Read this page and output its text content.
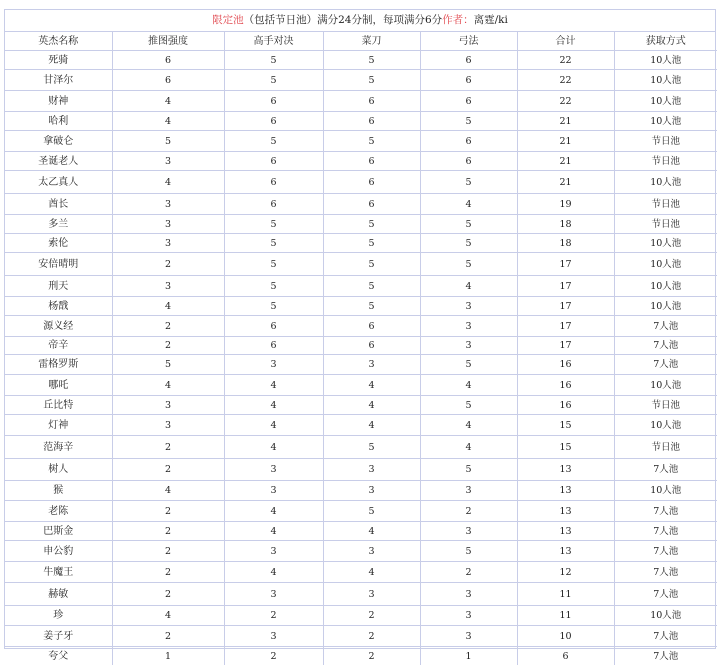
限定池（包括节日池）满分24分制，每项满分6分作者：离霆/ki
英杰名称	推图强度	高手对决	菜刀	弓法	合计	获取方式
死骑	6	5	5	6	22	10人池
甘泽尔	6	5	5	6	22	10人池
财神	4	6	6	6	22	10人池
哈利	4	6	6	5	21	10人池
拿破仑	5	5	5	6	21	节日池
圣诞老人	3	6	6	6	21	节日池
太乙真人	4	6	6	5	21	10人池
酋长	3	6	6	4	19	节日池
多兰	3	5	5	5	18	节日池
索伦	3	5	5	5	18	10人池
安倍晴明	2	5	5	5	17	10人池
刑天	3	5	5	4	17	10人池
杨戬	4	5	5	3	17	10人池
源义经	2	6	6	3	17	7人池
帝辛	2	6	6	3	17	7人池
雷格罗斯	5	3	3	5	16	7人池
哪吒	4	4	4	4	16	10人池
丘比特	3	4	4	5	16	节日池
灯神	3	4	4	4	15	10人池
范海辛	2	4	5	4	15	节日池
树人	2	3	3	5	13	7人池
猴	4	3	3	3	13	10人池
老陈	2	4	5	2	13	7人池
巴斯金	2	4	4	3	13	7人池
申公豹	2	3	3	5	13	7人池
牛魔王	2	4	4	2	12	7人池
赫敏	2	3	3	3	11	7人池
珍	4	2	2	3	11	10人池
姜子牙	2	3	2	3	10	7人池
夸父	1	2	2	1	6	7人池
